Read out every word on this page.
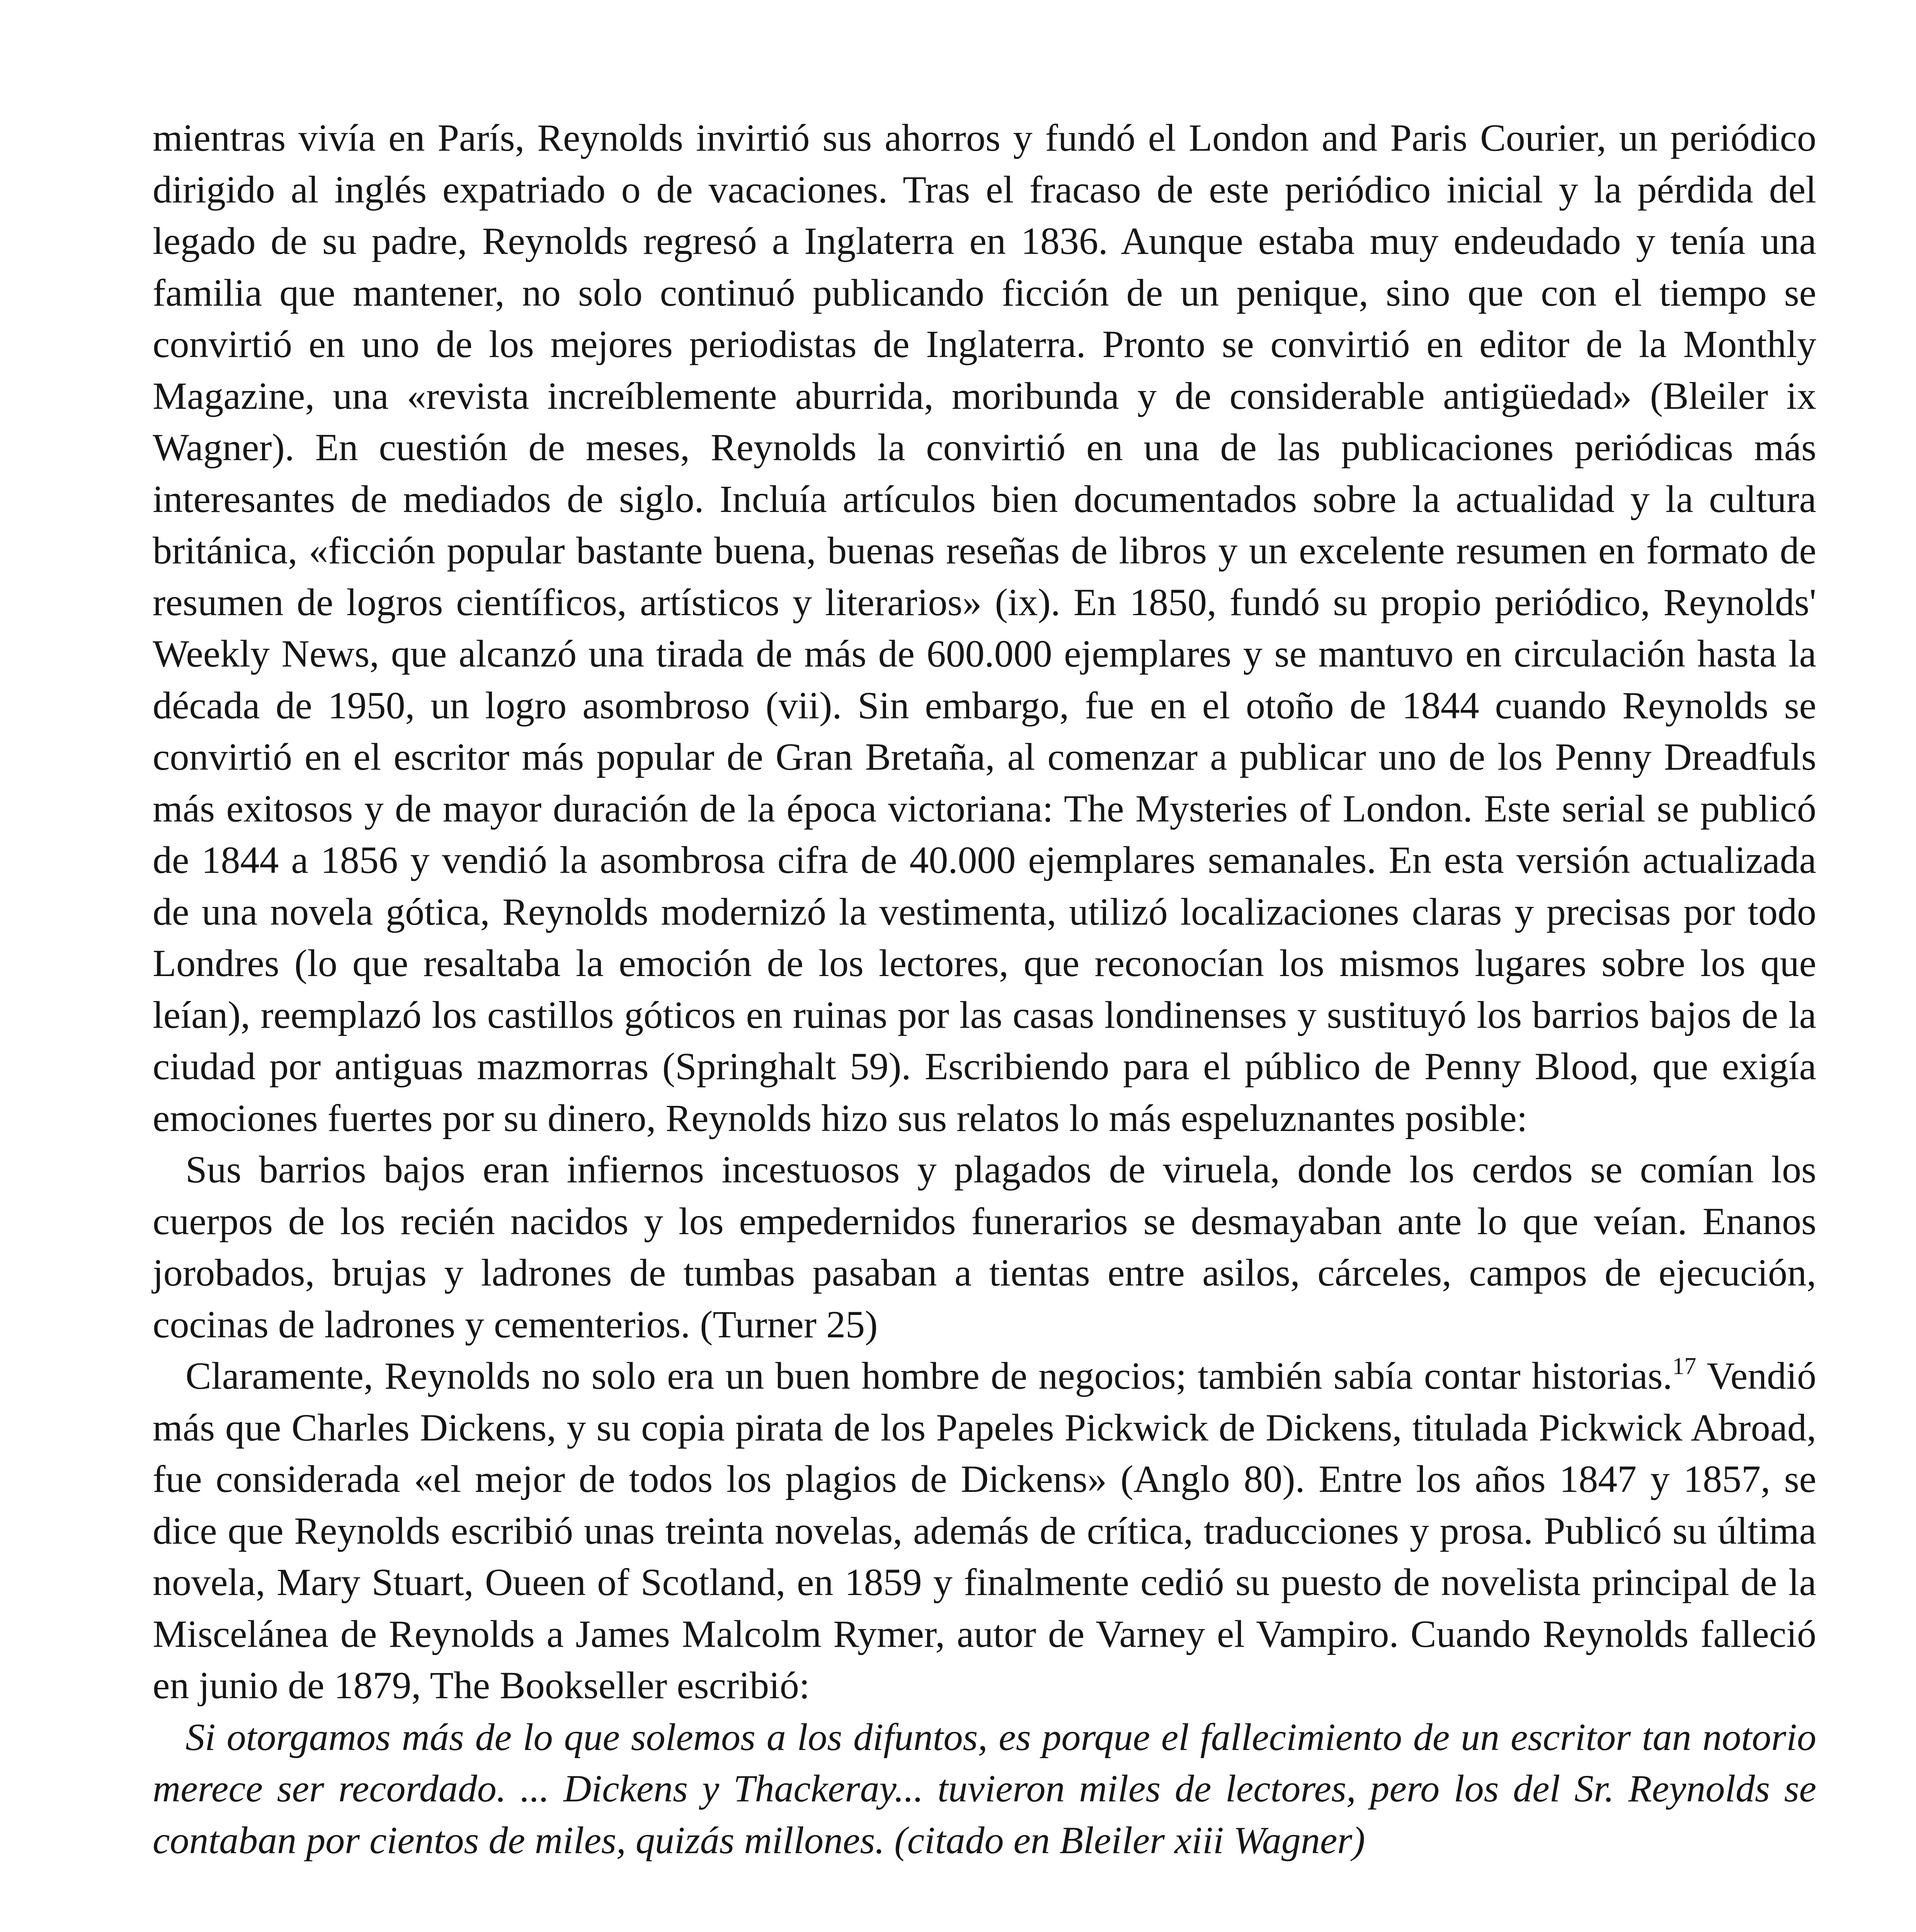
mientras vivía en París, Reynolds invirtió sus ahorros y fundó el London and Paris Courier, un periódico dirigido al inglés expatriado o de vacaciones. Tras el fracaso de este periódico inicial y la pérdida del legado de su padre, Reynolds regresó a Inglaterra en 1836. Aunque estaba muy endeudado y tenía una familia que mantener, no solo continuó publicando ficción de un penique, sino que con el tiempo se convirtió en uno de los mejores periodistas de Inglaterra. Pronto se convirtió en editor de la Monthly Magazine, una «revista increíblemente aburrida, moribunda y de considerable antigüedad» (Bleiler ix Wagner). En cuestión de meses, Reynolds la convirtió en una de las publicaciones periódicas más interesantes de mediados de siglo. Incluía artículos bien documentados sobre la actualidad y la cultura británica, «ficción popular bastante buena, buenas reseñas de libros y un excelente resumen en formato de resumen de logros científicos, artísticos y literarios» (ix). En 1850, fundó su propio periódico, Reynolds' Weekly News, que alcanzó una tirada de más de 600.000 ejemplares y se mantuvo en circulación hasta la década de 1950, un logro asombroso (vii). Sin embargo, fue en el otoño de 1844 cuando Reynolds se convirtió en el escritor más popular de Gran Bretaña, al comenzar a publicar uno de los Penny Dreadfuls más exitosos y de mayor duración de la época victoriana: The Mysteries of London. Este serial se publicó de 1844 a 1856 y vendió la asombrosa cifra de 40.000 ejemplares semanales. En esta versión actualizada de una novela gótica, Reynolds modernizó la vestimenta, utilizó localizaciones claras y precisas por todo Londres (lo que resaltaba la emoción de los lectores, que reconocían los mismos lugares sobre los que leían), reemplazó los castillos góticos en ruinas por las casas londinenses y sustituyó los barrios bajos de la ciudad por antiguas mazmorras (Springhalt 59). Escribiendo para el público de Penny Blood, que exigía emociones fuertes por su dinero, Reynolds hizo sus relatos lo más espeluznantes posible:

Sus barrios bajos eran infiernos incestuosos y plagados de viruela, donde los cerdos se comían los cuerpos de los recién nacidos y los empedernidos funerarios se desmayaban ante lo que veían. Enanos jorobados, brujas y ladrones de tumbas pasaban a tientas entre asilos, cárceles, campos de ejecución, cocinas de ladrones y cementerios. (Turner 25)

Claramente, Reynolds no solo era un buen hombre de negocios; también sabía contar historias.$^{17}$ Vendió más que Charles Dickens, y su copia pirata de los Papeles Pickwick de Dickens, titulada Pickwick Abroad, fue considerada «el mejor de todos los plagios de Dickens» (Anglo 80). Entre los años 1847 y 1857, se dice que Reynolds escribió unas treinta novelas, además de crítica, traducciones y prosa. Publicó su última novela, Mary Stuart, Oueen of Scotland, en 1859 y finalmente cedió su puesto de novelista principal de la Miscelánea de Reynolds a James Malcolm Rymer, autor de Varney el Vampiro. Cuando Reynolds falleció en junio de 1879, The Bookseller escribió:

Si otorgamos más de lo que solemos a los difuntos, es porque el fallecimiento de un escritor tan notorio merece ser recordado. ... Dickens y Thackeray... tuvieron miles de lectores, pero los del Sr. Reynolds se contaban por cientos de miles, quizás millones. (citado en Bleiler xiii Wagner)
